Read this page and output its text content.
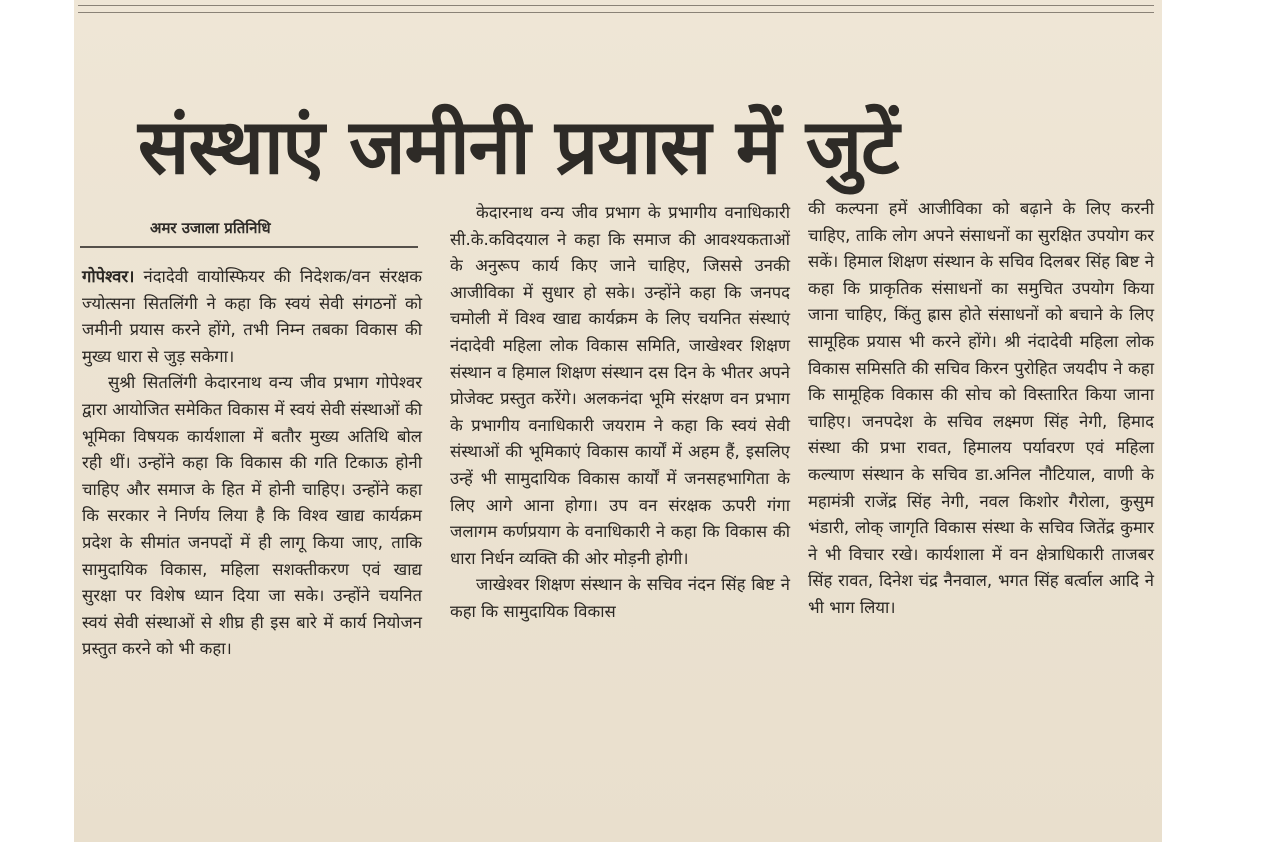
संस्थाएं जमीनी प्रयास में जुटें
अमर उजाला प्रतिनिधि

गोपेश्वर। नंदादेवी वायोस्फियर की निदेशक/वन संरक्षक ज्योत्सना सितलिंगी ने कहा कि स्वयं सेवी संगठनों को जमीनी प्रयास करने होंगे, तभी निम्न तबका विकास की मुख्य धारा से जुड़ सकेगा।

सुश्री सितलिंगी केदारनाथ वन्य जीव प्रभाग गोपेश्वर द्वारा आयोजित समेकित विकास में स्वयं सेवी संस्थाओं की भूमिका विषयक कार्यशाला में बतौर मुख्य अतिथि बोल रही थीं। उन्होंने कहा कि विकास की गति टिकाऊ होनी चाहिए और समाज के हित में होनी चाहिए। उन्होंने कहा कि सरकार ने निर्णय लिया है कि विश्व खाद्य कार्यक्रम प्रदेश के सीमांत जनपदों में ही लागू किया जाए, ताकि सामुदायिक विकास, महिला सशक्तीकरण एवं खाद्य सुरक्षा पर विशेष ध्यान दिया जा सके। उन्होंने चयनित स्वयं सेवी संस्थाओं से शीघ्र ही इस बारे में कार्य नियोजन प्रस्तुत करने को भी कहा।

केदारनाथ वन्य जीव प्रभाग के प्रभागीय वनाधिकारी सी.के.कविदयाल ने कहा कि समाज की आवश्यकताओं के अनुरूप कार्य किए जाने चाहिए, जिससे उनकी आजीविका में सुधार हो सके। उन्होंने कहा कि जनपद चमोली में विश्व खाद्य कार्यक्रम के लिए चयनित संस्थाएं नंदादेवी महिला लोक विकास समिति, जाखेश्वर शिक्षण संस्थान व हिमाल शिक्षण संस्थान दस दिन के भीतर अपने प्रोजेक्ट प्रस्तुत करेंगे। अलकनंदा भूमि संरक्षण वन प्रभाग के प्रभागीय वनाधिकारी जयराम ने कहा कि स्वयं सेवी संस्थाओं की भूमिकाएं विकास कार्यों में अहम हैं, इसलिए उन्हें भी सामुदायिक विकास कार्यों में जनसहभागिता के लिए आगे आना होगा। उप वन संरक्षक ऊपरी गंगा जलागम कर्णप्रयाग के वनाधिकारी ने कहा कि विकास की धारा निर्धन व्यक्ति की ओर मोड़नी होगी।

जाखेश्वर शिक्षण संस्थान के सचिव नंदन सिंह बिष्ट ने कहा कि सामुदायिक विकास

की कल्पना हमें आजीविका को बढ़ाने के लिए करनी चाहिए, ताकि लोग अपने संसाधनों का सुरक्षित उपयोग कर सकें। हिमाल शिक्षण संस्थान के सचिव दिलबर सिंह बिष्ट ने कहा कि प्राकृतिक संसाधनों का समुचित उपयोग किया जाना चाहिए, किंतु ह्रास होते संसाधनों को बचाने के लिए सामूहिक प्रयास भी करने होंगे। श्री नंदादेवी महिला लोक विकास समिसति की सचिव किरन पुरोहित जयदीप ने कहा कि सामूहिक विकास की सोच को विस्तारित किया जाना चाहिए। जनपदेश के सचिव लक्ष्मण सिंह नेगी, हिमाद संस्था की प्रभा रावत, हिमालय पर्यावरण एवं महिला कल्याण संस्थान के सचिव डा.अनिल नौटियाल, वाणी के महामंत्री राजेंद्र सिंह नेगी, नवल किशोर गैरोला, कुसुम भंडारी, लोक् जागृति विकास संस्था के सचिव जितेंद्र कुमार ने भी विचार रखे। कार्यशाला में वन क्षेत्राधिकारी ताजबर सिंह रावत, दिनेश चंद्र नैनवाल, भगत सिंह बर्त्वाल आदि ने भी भाग लिया।
